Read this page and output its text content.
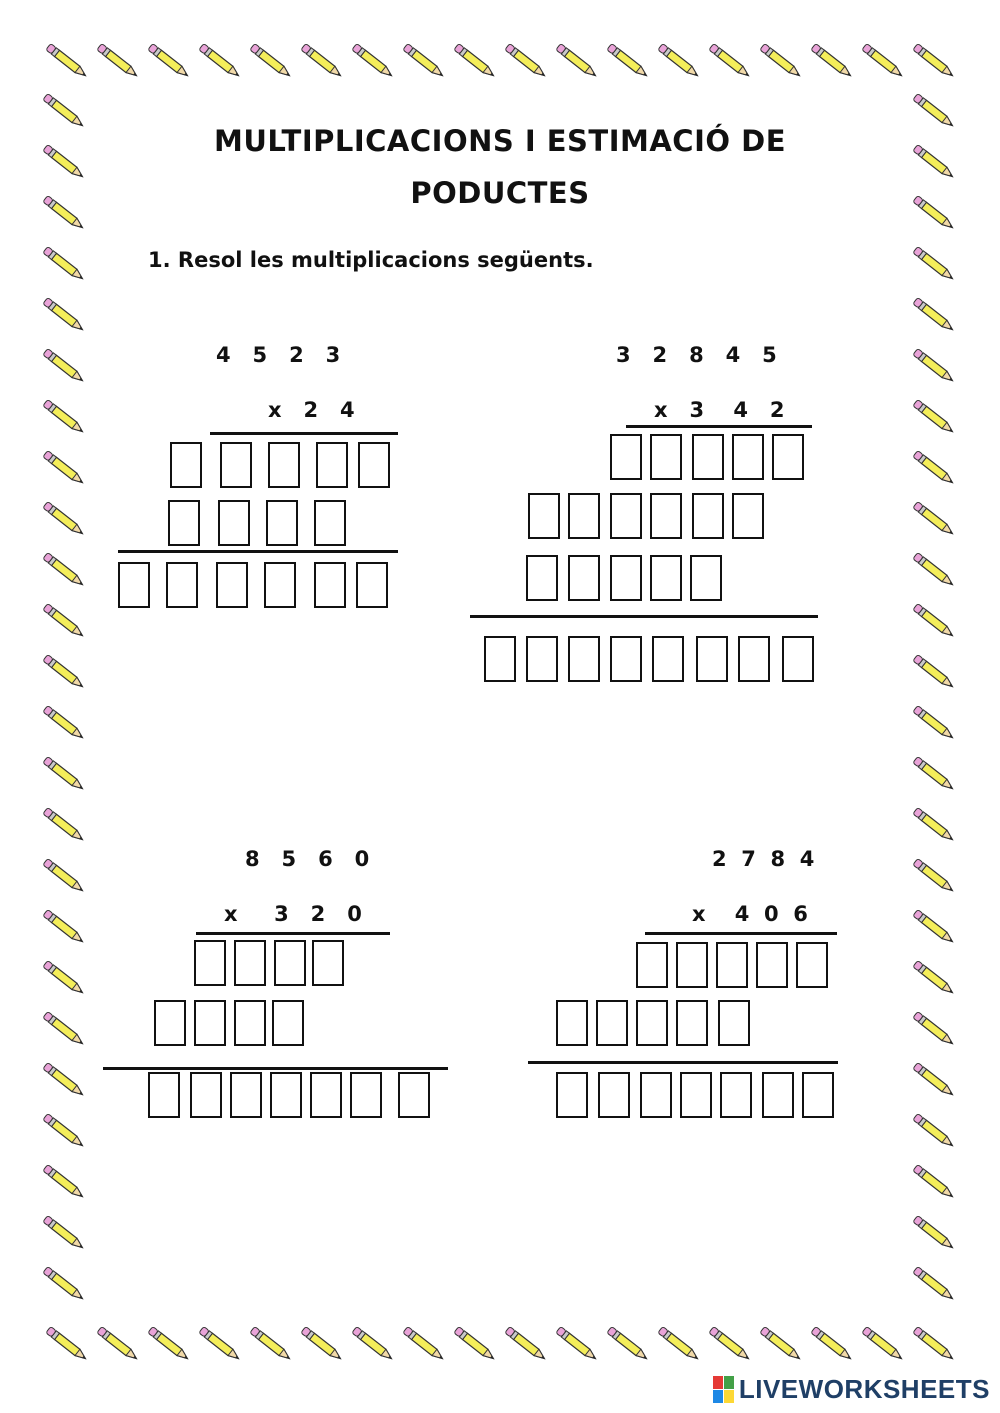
MULTIPLICACIONS I ESTIMACIÓ DE
PODUCTES
1. Resol les multiplicacions següents.
4   5   2   3
x   2   4
3   2   8   4   5
x   3    4   2
8   5   6   0
x     3   2   0
2  7  8  4
x    4  0  6
LIVEWORKSHEETS
